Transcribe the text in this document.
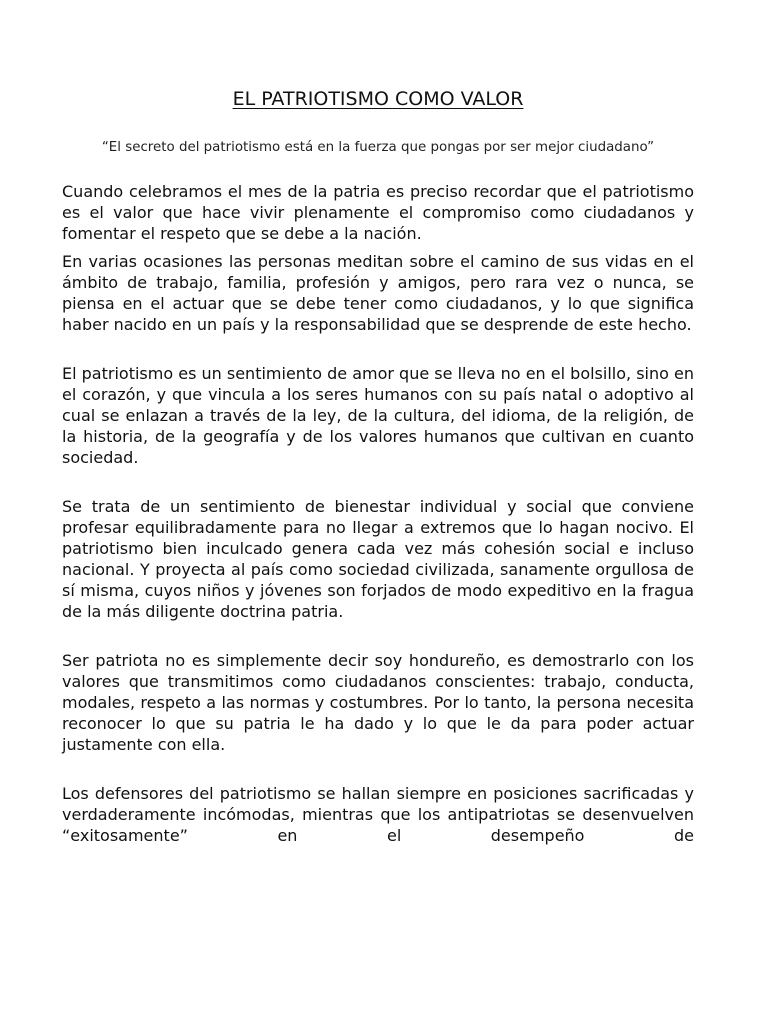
EL PATRIOTISMO COMO VALOR

“El secreto del patriotismo está en la fuerza que pongas por ser mejor ciudadano”

Cuando celebramos el mes de la patria es preciso recordar que el patriotismo es el valor que hace vivir plenamente el compromiso como ciudadanos y fomentar el respeto que se debe a la nación.

En varias ocasiones las personas meditan sobre el camino de sus vidas en el ámbito de trabajo, familia, profesión y amigos, pero rara vez o nunca, se piensa en el actuar que se debe tener como ciudadanos, y lo que significa haber nacido en un país y la responsabilidad que se desprende de este hecho.

El patriotismo es un sentimiento de amor que se lleva no en el bolsillo, sino en el corazón, y que vincula a los seres humanos con su país natal o adoptivo al cual se enlazan a través de la ley, de la cultura, del idioma, de la religión, de la historia, de la geografía y de los valores humanos que cultivan en cuanto sociedad.

Se trata de un sentimiento de bienestar individual y social que conviene profesar equilibradamente para no llegar a extremos que lo hagan nocivo. El patriotismo bien inculcado genera cada vez más cohesión social e incluso nacional. Y proyecta al país como sociedad civilizada, sanamente orgullosa de sí misma, cuyos niños y jóvenes son forjados de modo expeditivo en la fragua de la más diligente doctrina patria.

Ser patriota no es simplemente decir soy hondureño, es demostrarlo con los valores que transmitimos como ciudadanos conscientes: trabajo, conducta, modales, respeto a las normas y costumbres. Por lo tanto, la persona necesita reconocer lo que su patria le ha dado y lo que le da para poder actuar justamente con ella.

Los defensores del patriotismo se hallan siempre en posiciones sacrificadas y verdaderamente incómodas, mientras que los antipatriotas se desenvuelven “exitosamente” en el desempeño de
